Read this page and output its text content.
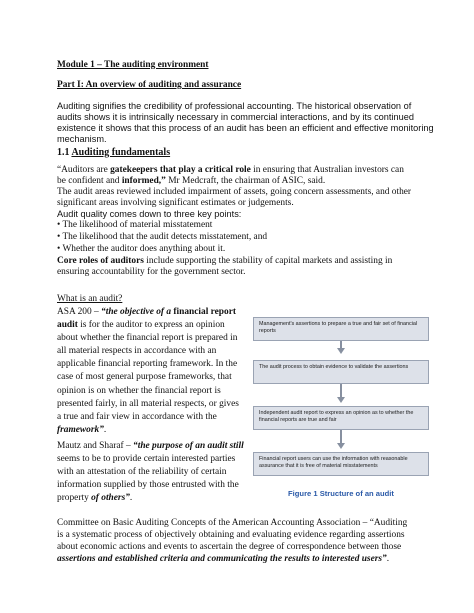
Module 1 – The auditing environment
Part I: An overview of auditing and assurance
Auditing signifies the credibility of professional accounting. The historical observation of
audits shows it is intrinsically necessary in commercial interactions, and by its continued
existence it shows that this process of an audit has been an efficient and effective monitoring
mechanism.
1.1 Auditing fundamentals
“Auditors are gatekeepers that play a critical role in ensuring that Australian investors can
be confident and informed,” Mr Medcraft, the chairman of ASIC, said.
The audit areas reviewed included impairment of assets, going concern assessments, and other
significant areas involving significant estimates or judgements.
Audit quality comes down to three key points:
• The likelihood of material misstatement
• The likelihood that the audit detects misstatement, and
• Whether the auditor does anything about it.
Core roles of auditors include supporting the stability of capital markets and assisting in
ensuring accountability for the government sector.
What is an audit?
ASA 200 – “the objective of a financial report
audit is for the auditor to express an opinion
about whether the financial report is prepared in
all material respects in accordance with an
applicable financial reporting framework. In the
case of most general purpose frameworks, that
opinion is on whether the financial report is
presented fairly, in all material respects, or gives
a true and fair view in accordance with the
framework”.
Mautz and Sharaf – “the purpose of an audit still
seems to be to provide certain interested parties
with an attestation of the reliability of certain
information supplied by those entrusted with the
property of others”.
Management's assertions to prepare a true and fair set of financial reports
The audit process to obtain evidence to validate the assertions
Independent audit report to express an opinion as to whether the financial reports are true and fair
Financial report users can use the information with reasonable assurance that it is free of material misstatements
Figure 1 Structure of an audit
Committee on Basic Auditing Concepts of the American Accounting Association – “Auditing
is a systematic process of objectively obtaining and evaluating evidence regarding assertions
about economic actions and events to ascertain the degree of correspondence between those
assertions and established criteria and communicating the results to interested users”.
